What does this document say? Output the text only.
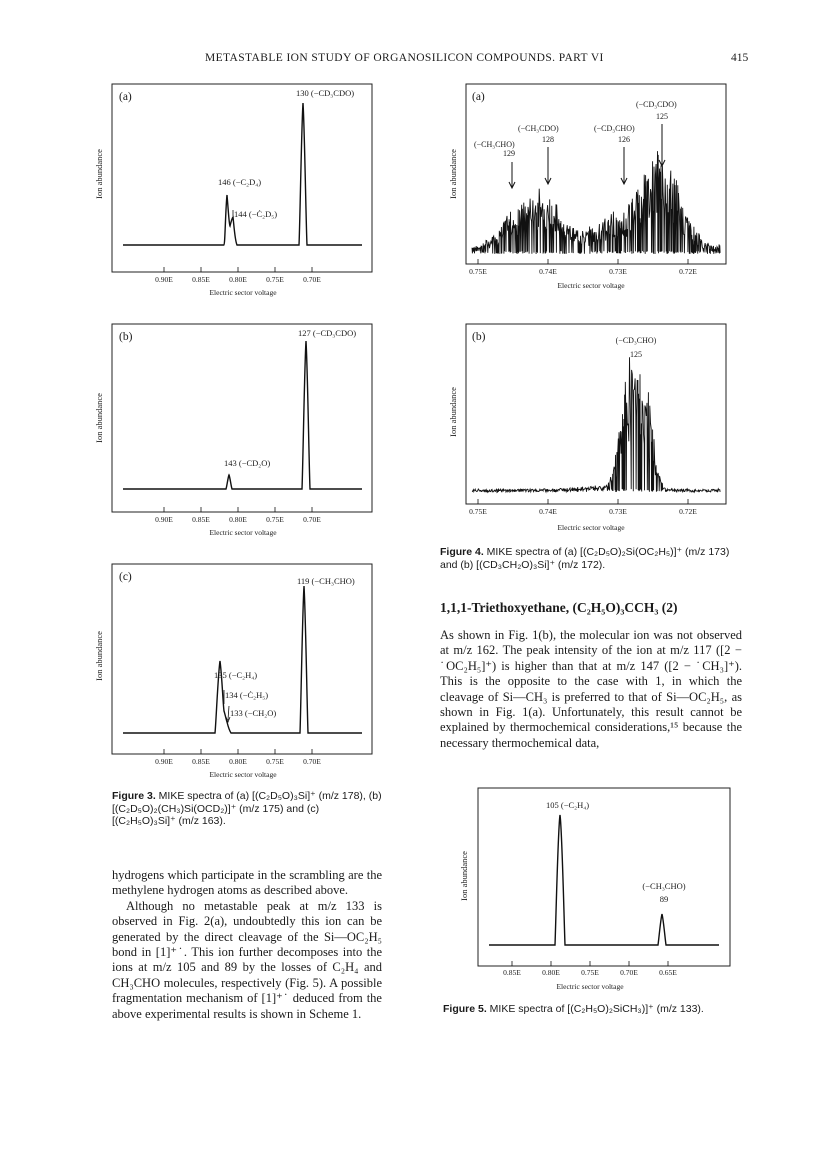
METASTABLE ION STUDY OF ORGANOSILICON COMPOUNDS. PART VI	415
(a)
Ion abundance	146 (−C₂D₄)
144 (−Ċ₂D₅)
130 (−CD₃CDO)
0.90E	0.85E	0.80E	0.75E	0.70E
Electric sector voltage
(b)
Ion abundance
143 (−CD₂O)
127 (−CD₃CDO)
0.90E	0.85E	0.80E	0.75E	0.70E
Electric sector voltage
(c)
Ion abundance	135 (−C₂H₄)
134 (−Ċ₂H₅)
133 (−CH₂O)
119 (−CH₃CHO)
0.90E	0.85E	0.80E	0.75E	0.70E
Electric sector voltage
Figure 3. MIKE spectra of (a) [(C₂D₅O)₃Si]⁺ (m/z 178), (b) [(C₂D₅O)₂(CH₃)Si(OCD₂)]⁺ (m/z 175) and (c) [(C₂H₅O)₃Si]⁺ (m/z 163).

hydrogens which participate in the scrambling are the methylene hydrogen atoms as described above.

Although no metastable peak at m/z 133 is observed in Fig. 2(a), undoubtedly this ion can be generated by the direct cleavage of the Si—OC₂H₅ bond in [1]⁺˙. This ion further decomposes into the ions at m/z 105 and 89 by the losses of C₂H₄ and CH₃CHO molecules, respectively (Fig. 5). A possible fragmentation mechanism of [1]⁺˙ deduced from the above experimental results is shown in Scheme 1.

(a)
Ion abundance
(−CH₃CHO)
129
(−CH₃CDO)
128
(−CD₃CHO)
126
(−CD₃CDO)
125
0.75E	0.74E	0.73E	0.72E
Electric sector voltage
(b)
Ion abundance
(−CD₃CHO)
125
0.75E	0.74E	0.73E	0.72E
Electric sector voltage
Figure 4. MIKE spectra of (a) [(C₂D₅O)₂Si(OC₂H₅)]⁺ (m/z 173) and (b) [(CD₃CH₂O)₃Si]⁺ (m/z 172).
1,1,1-Triethoxyethane, (C₂H₅O)₃CCH₃ (2)

As shown in Fig. 1(b), the molecular ion was not observed at m/z 162. The peak intensity of the ion at m/z 117 ([2 − ˙OC₂H₅]⁺) is higher than that at m/z 147 ([2 − ˙CH₃]⁺). This is the opposite to the case with 1, in which the cleavage of Si—CH₃ is preferred to that of Si—OC₂H₅, as shown in Fig. 1(a). Unfortunately, this result cannot be explained by thermochemical considerations,¹⁵ because the necessary thermochemical data,

Ion abundance
105 (−C₂H₄)
(−CH₃CHO)
89
0.85E	0.80E	0.75E	0.70E	0.65E
Electric sector voltage
Figure 5. MIKE spectra of [(C₂H₅O)₂SiCH₃)]⁺ (m/z 133).
